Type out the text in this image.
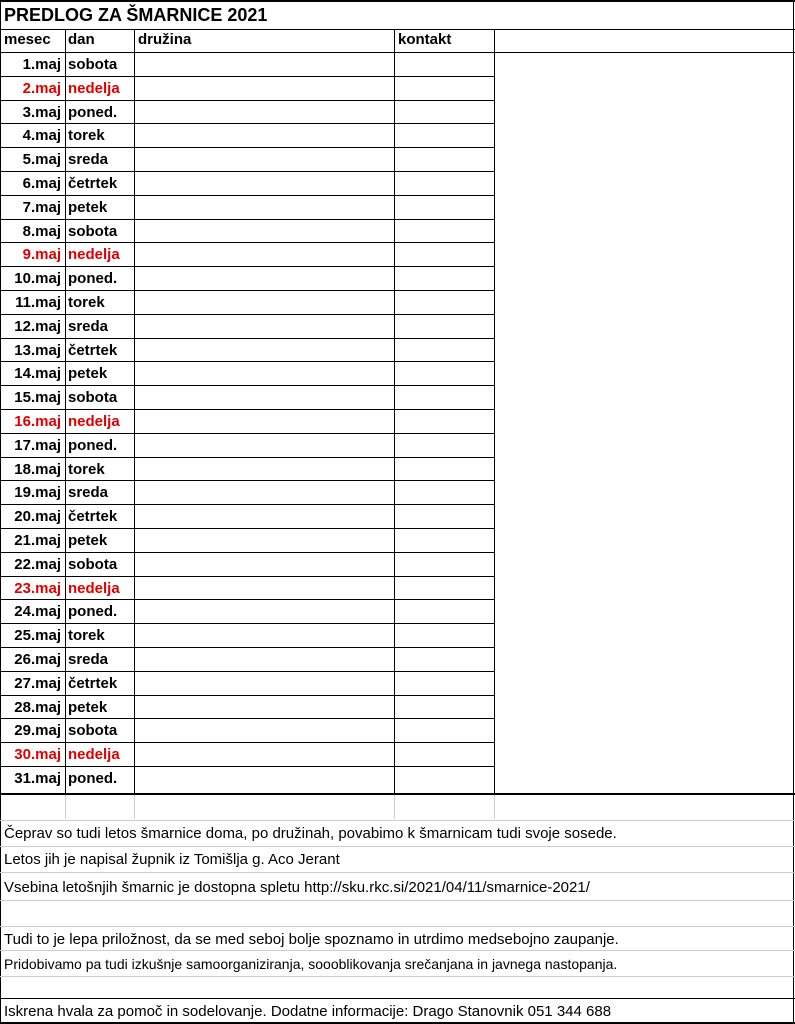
PREDLOG ZA ŠMARNICE 2021
mesec dan	družina	kontakt
1.maj sobota
2.maj nedelja
3.maj poned.
4.maj torek
5.maj sreda
6.maj četrtek
7.maj petek
8.maj sobota
9.maj nedelja
10.maj poned.
11.maj torek
12.maj sreda
13.maj četrtek
14.maj petek
15.maj sobota
16.maj nedelja
17.maj poned.
18.maj torek
19.maj sreda
20.maj četrtek
21.maj petek
22.maj sobota
23.maj nedelja
24.maj poned.
25.maj torek
26.maj sreda
27.maj četrtek
28.maj petek
29.maj sobota
30.maj nedelja
31.maj poned.
Čeprav so tudi letos šmarnice doma, po družinah, povabimo k šmarnicam tudi svoje sosede.
Letos jih je napisal župnik iz Tomišlja g. Aco Jerant
Vsebina letošnjih šmarnic je dostopna spletu http://sku.rkc.si/2021/04/11/smarnice-2021/
Tudi to je lepa priložnost, da se med seboj bolje spoznamo in utrdimo medsebojno zaupanje.
Pridobivamo pa tudi izkušnje samoorganiziranja, soooblikovanja srečanjana in javnega nastopanja.
Iskrena hvala za pomoč in sodelovanje. Dodatne informacije: Drago Stanovnik 051 344 688
